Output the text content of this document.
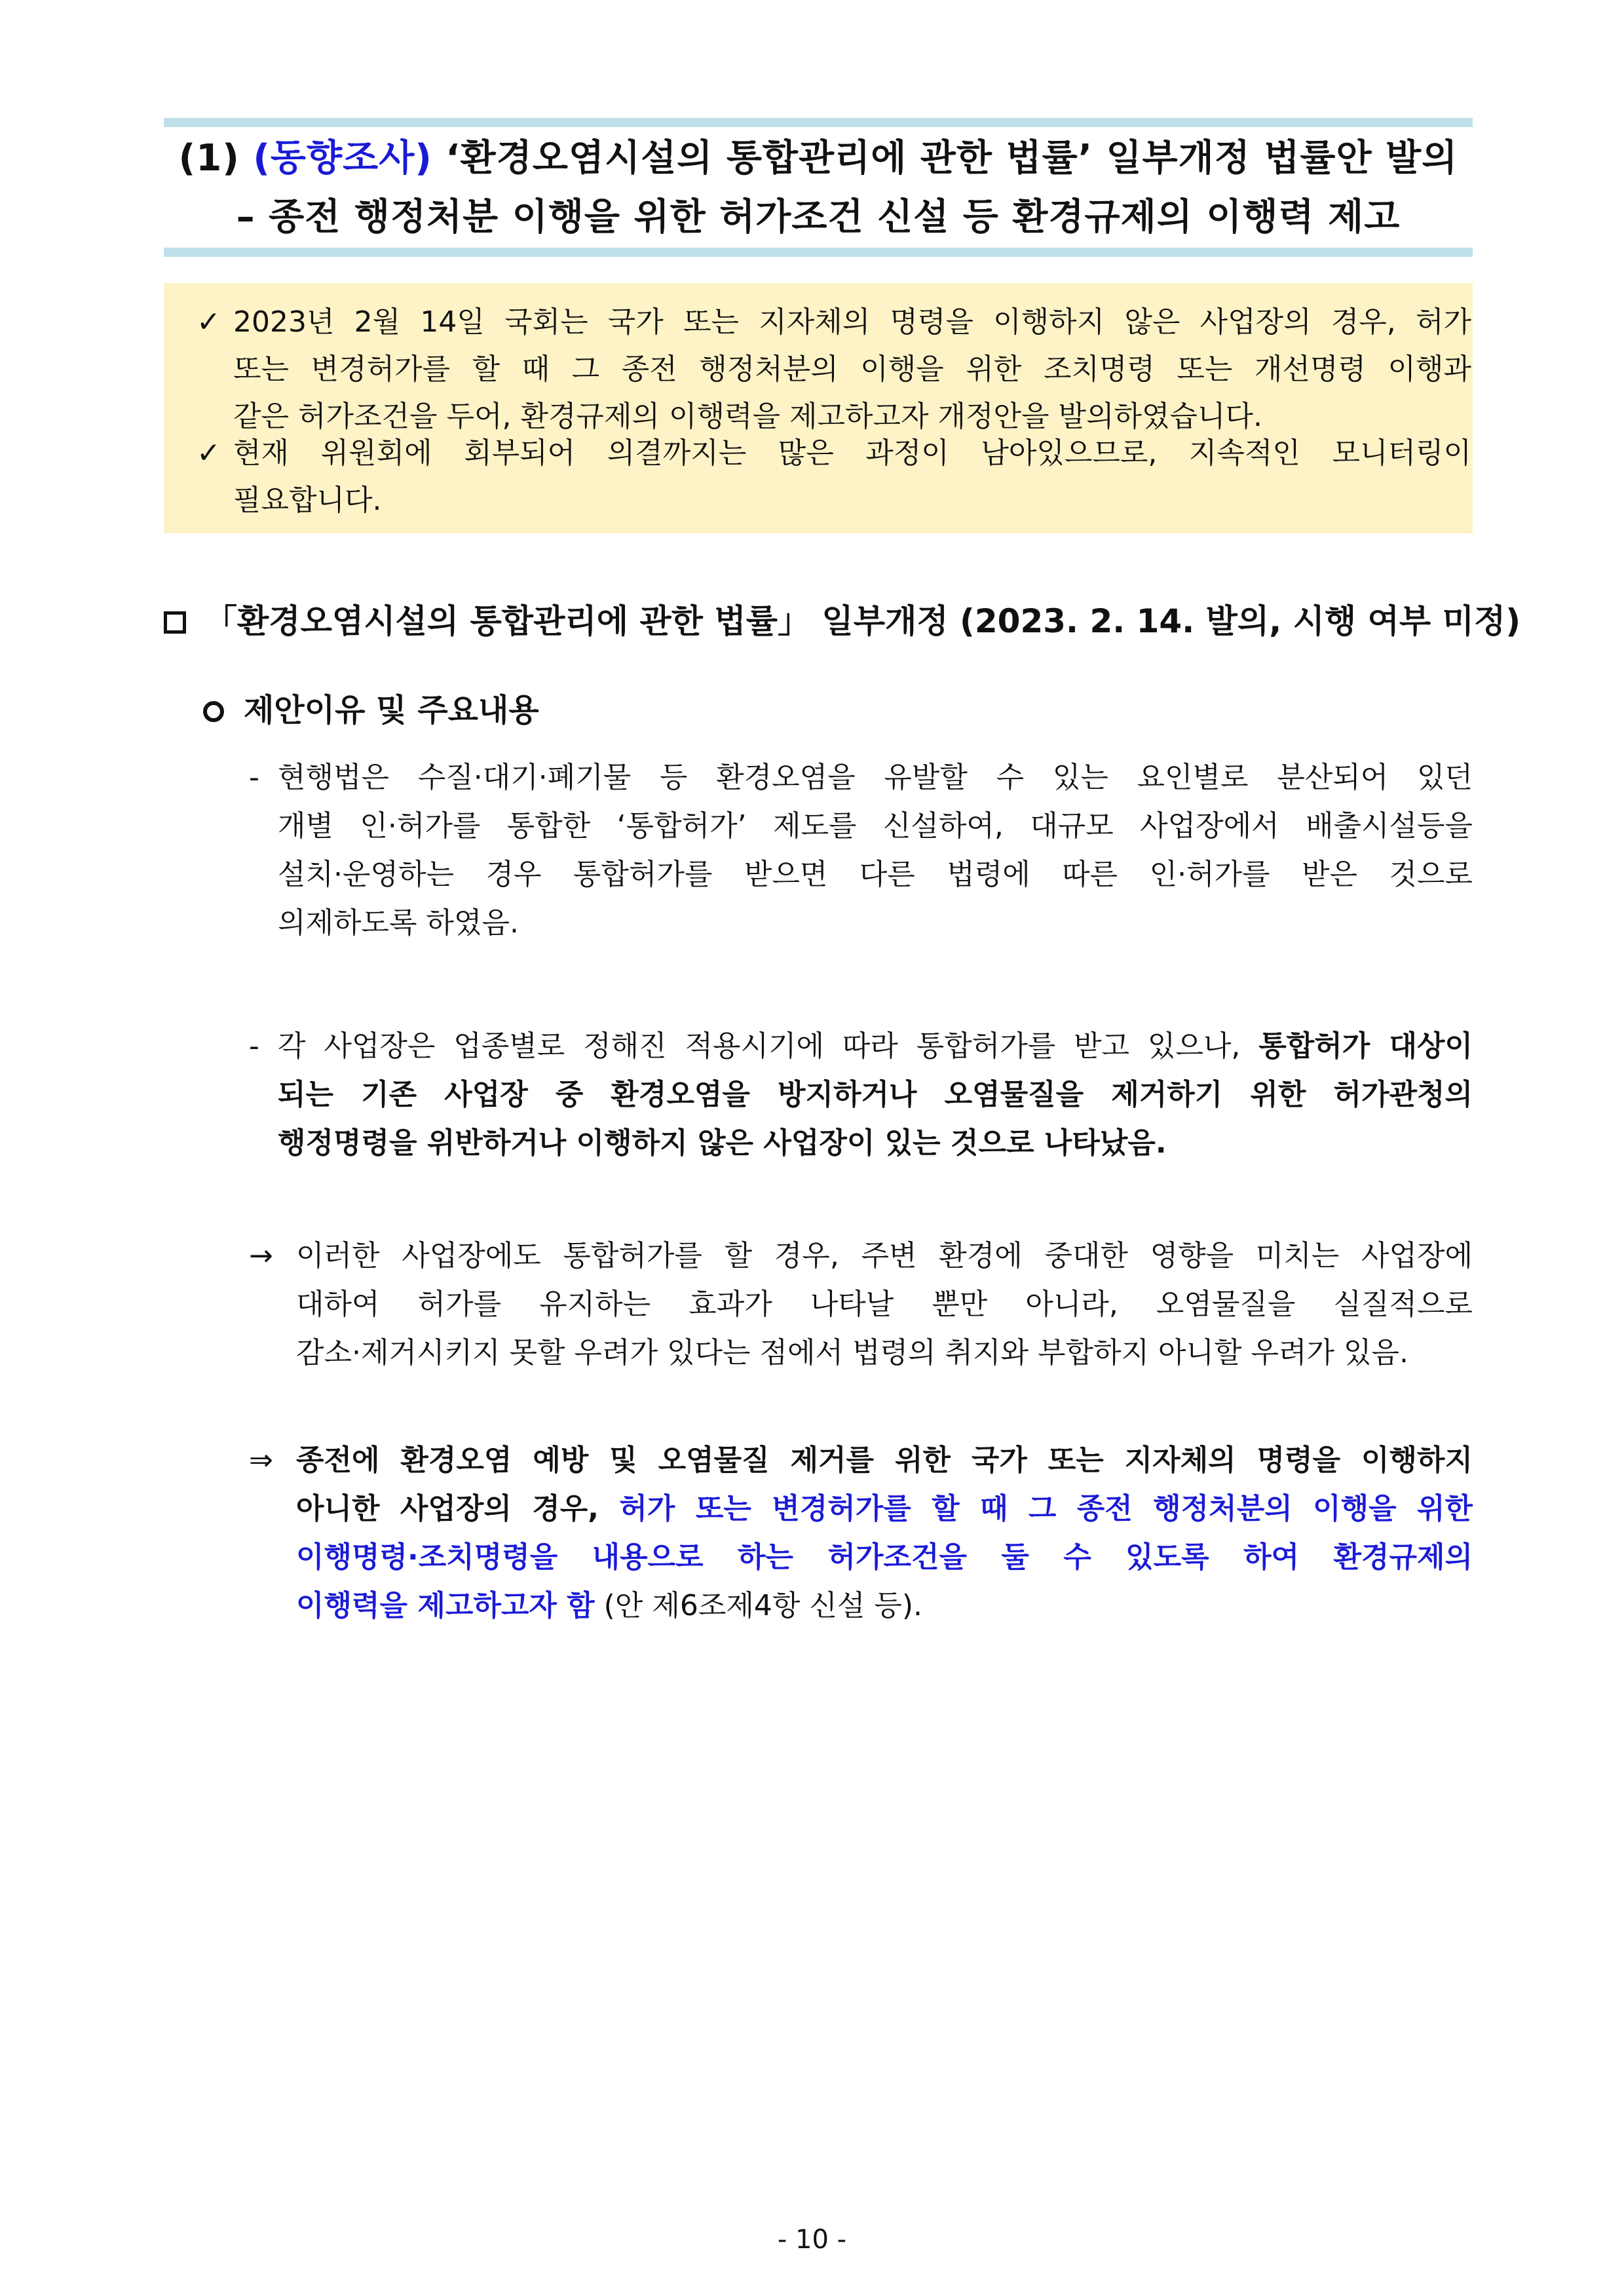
(1) (동향조사) ‘환경오염시설의 통합관리에 관한 법률’ 일부개정 법률안 발의
– 종전 행정처분 이행을 위한 허가조건 신설 등 환경규제의 이행력 제고
✓ 2023년 2월 14일 국회는 국가 또는 지자체의 명령을 이행하지 않은 사업장의 경우, 허가
또는 변경허가를 할 때 그 종전 행정처분의 이행을 위한 조치명령 또는 개선명령 이행과
같은 허가조건을 두어, 환경규제의 이행력을 제고하고자 개정안을 발의하였습니다.
✓ 현재 위원회에 회부되어 의결까지는 많은 과정이 남아있으므로, 지속적인 모니터링이
필요합니다.
「환경오염시설의 통합관리에 관한 법률」 일부개정 (2023. 2. 14. 발의, 시행 여부 미정)
제안이유 및 주요내용
- 현행법은 수질·대기·폐기물 등 환경오염을 유발할 수 있는 요인별로 분산되어 있던
개별 인·허가를 통합한 ‘통합허가’ 제도를 신설하여, 대규모 사업장에서 배출시설등을
설치·운영하는 경우 통합허가를 받으면 다른 법령에 따른 인·허가를 받은 것으로
의제하도록 하였음.
- 각 사업장은 업종별로 정해진 적용시기에 따라 통합허가를 받고 있으나, 통합허가 대상이
되는 기존 사업장 중 환경오염을 방지하거나 오염물질을 제거하기 위한 허가관청의
행정명령을 위반하거나 이행하지 않은 사업장이 있는 것으로 나타났음.
→ 이러한 사업장에도 통합허가를 할 경우, 주변 환경에 중대한 영향을 미치는 사업장에
대하여 허가를 유지하는 효과가 나타날 뿐만 아니라, 오염물질을 실질적으로
감소·제거시키지 못할 우려가 있다는 점에서 법령의 취지와 부합하지 아니할 우려가 있음.
⇒ 종전에 환경오염 예방 및 오염물질 제거를 위한 국가 또는 지자체의 명령을 이행하지
아니한 사업장의 경우, 허가 또는 변경허가를 할 때 그 종전 행정처분의 이행을 위한
이행명령·조치명령을 내용으로 하는 허가조건을 둘 수 있도록 하여 환경규제의
이행력을 제고하고자 함 (안 제6조제4항 신설 등).
- 10 -
